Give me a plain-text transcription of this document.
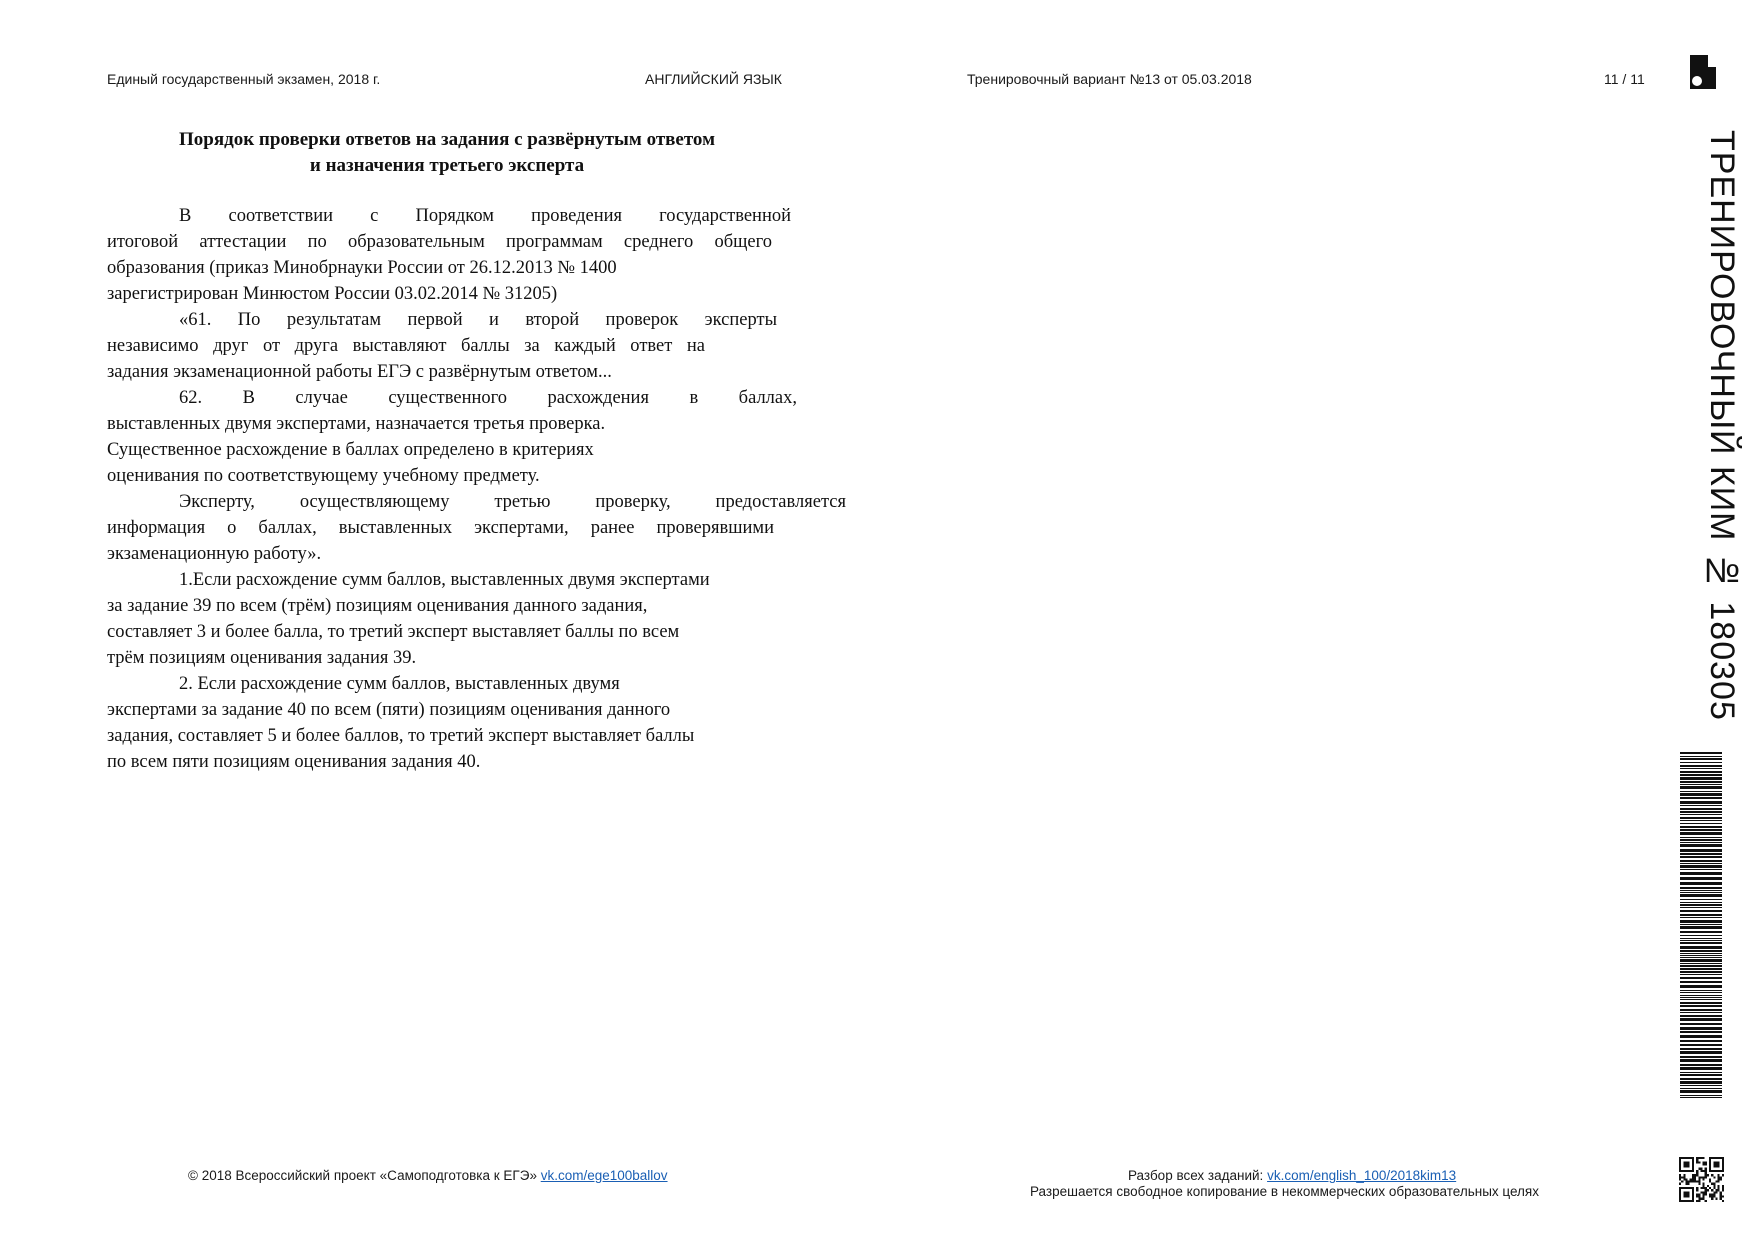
Единый государственный экзамен, 2018 г.	АНГЛИЙСКИЙ ЯЗЫК	Тренировочный вариант №13 от 05.03.2018	11 / 11
ТРЕНИРОВОЧНЫЙ КИМ № 180305
Порядок проверки ответов на задания с развёрнутым ответом
и назначения третьего эксперта
В соответствии с Порядком проведения государственной
итоговой аттестации по образовательным программам среднего общего
образования (приказ Минобрнауки России от 26.12.2013 № 1400
зарегистрирован Минюстом России 03.02.2014 № 31205)
«61. По результатам первой и второй проверок эксперты
независимо друг от друга выставляют баллы за каждый ответ на
задания экзаменационной работы ЕГЭ с развёрнутым ответом...
62. В случае существенного расхождения в баллах,
выставленных двумя экспертами, назначается третья проверка.
Существенное расхождение в баллах определено в критериях
оценивания по соответствующему учебному предмету.
Эксперту, осуществляющему третью проверку, предоставляется
информация о баллах, выставленных экспертами, ранее проверявшими
экзаменационную работу».
1.Если расхождение сумм баллов, выставленных двумя экспертами
за задание 39 по всем (трём) позициям оценивания данного задания,
составляет 3 и более балла, то третий эксперт выставляет баллы по всем
трём позициям оценивания задания 39.
2. Если расхождение сумм баллов, выставленных двумя
экспертами за задание 40 по всем (пяти) позициям оценивания данного
задания, составляет 5 и более баллов, то третий эксперт выставляет баллы
по всем пяти позициям оценивания задания 40.
© 2018 Всероссийский проект «Самоподготовка к ЕГЭ» vk.com/ege100ballov	Разбор всех заданий: vk.com/english_100/2018kim13
Разрешается свободное копирование в некоммерческих образовательных целях
